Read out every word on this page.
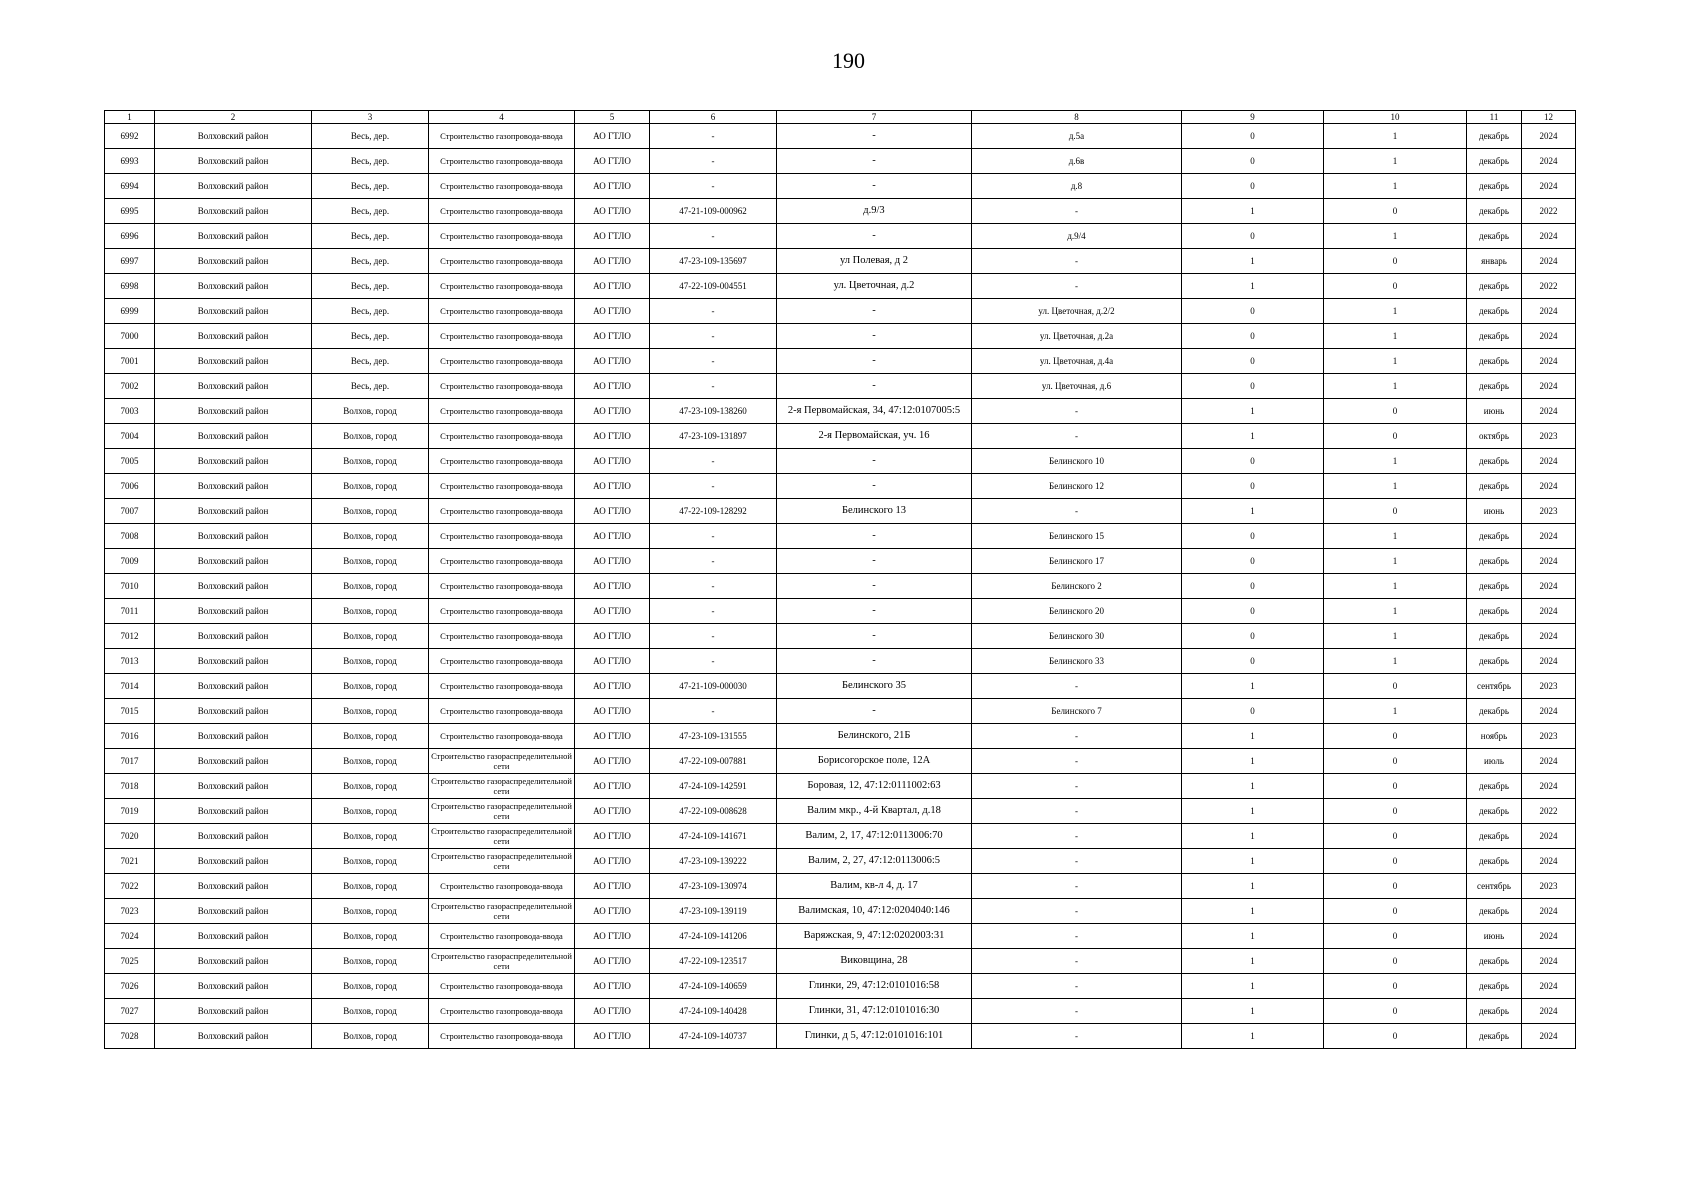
190
1	2	3	4	5	6	7	8	9	10	11	12
6992	Волховский район	Весь, дер.	Строительство газопровода-ввода	АО ГТЛО	-	-	д.5а	0	1	декабрь	2024
6993	Волховский район	Весь, дер.	Строительство газопровода-ввода	АО ГТЛО	-	-	д.6в	0	1	декабрь	2024
6994	Волховский район	Весь, дер.	Строительство газопровода-ввода	АО ГТЛО	-	-	д.8	0	1	декабрь	2024
6995	Волховский район	Весь, дер.	Строительство газопровода-ввода	АО ГТЛО	47-21-109-000962	д.9/3	-	1	0	декабрь	2022
6996	Волховский район	Весь, дер.	Строительство газопровода-ввода	АО ГТЛО	-	-	д.9/4	0	1	декабрь	2024
6997	Волховский район	Весь, дер.	Строительство газопровода-ввода	АО ГТЛО	47-23-109-135697	ул Полевая, д 2	-	1	0	январь	2024
6998	Волховский район	Весь, дер.	Строительство газопровода-ввода	АО ГТЛО	47-22-109-004551	ул. Цветочная, д.2	-	1	0	декабрь	2022
6999	Волховский район	Весь, дер.	Строительство газопровода-ввода	АО ГТЛО	-	-	ул. Цветочная, д.2/2	0	1	декабрь	2024
7000	Волховский район	Весь, дер.	Строительство газопровода-ввода	АО ГТЛО	-	-	ул. Цветочная, д.2а	0	1	декабрь	2024
7001	Волховский район	Весь, дер.	Строительство газопровода-ввода	АО ГТЛО	-	-	ул. Цветочная, д.4а	0	1	декабрь	2024
7002	Волховский район	Весь, дер.	Строительство газопровода-ввода	АО ГТЛО	-	-	ул. Цветочная, д.6	0	1	декабрь	2024
7003	Волховский район	Волхов, город	Строительство газопровода-ввода	АО ГТЛО	47-23-109-138260	2-я Первомайская, 34, 47:12:0107005:5	-	1	0	июнь	2024
7004	Волховский район	Волхов, город	Строительство газопровода-ввода	АО ГТЛО	47-23-109-131897	2-я Первомайская, уч. 16	-	1	0	октябрь	2023
7005	Волховский район	Волхов, город	Строительство газопровода-ввода	АО ГТЛО	-	-	Белинского 10	0	1	декабрь	2024
7006	Волховский район	Волхов, город	Строительство газопровода-ввода	АО ГТЛО	-	-	Белинского 12	0	1	декабрь	2024
7007	Волховский район	Волхов, город	Строительство газопровода-ввода	АО ГТЛО	47-22-109-128292	Белинского 13	-	1	0	июнь	2023
7008	Волховский район	Волхов, город	Строительство газопровода-ввода	АО ГТЛО	-	-	Белинского 15	0	1	декабрь	2024
7009	Волховский район	Волхов, город	Строительство газопровода-ввода	АО ГТЛО	-	-	Белинского 17	0	1	декабрь	2024
7010	Волховский район	Волхов, город	Строительство газопровода-ввода	АО ГТЛО	-	-	Белинского 2	0	1	декабрь	2024
7011	Волховский район	Волхов, город	Строительство газопровода-ввода	АО ГТЛО	-	-	Белинского 20	0	1	декабрь	2024
7012	Волховский район	Волхов, город	Строительство газопровода-ввода	АО ГТЛО	-	-	Белинского 30	0	1	декабрь	2024
7013	Волховский район	Волхов, город	Строительство газопровода-ввода	АО ГТЛО	-	-	Белинского 33	0	1	декабрь	2024
7014	Волховский район	Волхов, город	Строительство газопровода-ввода	АО ГТЛО	47-21-109-000030	Белинского 35	-	1	0	сентябрь	2023
7015	Волховский район	Волхов, город	Строительство газопровода-ввода	АО ГТЛО	-	-	Белинского 7	0	1	декабрь	2024
7016	Волховский район	Волхов, город	Строительство газопровода-ввода	АО ГТЛО	47-23-109-131555	Белинского, 21Б	-	1	0	ноябрь	2023
7017	Волховский район	Волхов, город	Строительство газораспределительной сети	АО ГТЛО	47-22-109-007881	Борисогорское поле, 12А	-	1	0	июль	2024
7018	Волховский район	Волхов, город	Строительство газораспределительной сети	АО ГТЛО	47-24-109-142591	Боровая, 12, 47:12:0111002:63	-	1	0	декабрь	2024
7019	Волховский район	Волхов, город	Строительство газораспределительной сети	АО ГТЛО	47-22-109-008628	Валим мкр., 4-й Квартал, д.18	-	1	0	декабрь	2022
7020	Волховский район	Волхов, город	Строительство газораспределительной сети	АО ГТЛО	47-24-109-141671	Валим, 2, 17, 47:12:0113006:70	-	1	0	декабрь	2024
7021	Волховский район	Волхов, город	Строительство газораспределительной сети	АО ГТЛО	47-23-109-139222	Валим, 2, 27, 47:12:0113006:5	-	1	0	декабрь	2024
7022	Волховский район	Волхов, город	Строительство газопровода-ввода	АО ГТЛО	47-23-109-130974	Валим, кв-л 4, д. 17	-	1	0	сентябрь	2023
7023	Волховский район	Волхов, город	Строительство газораспределительной сети	АО ГТЛО	47-23-109-139119	Валимская, 10, 47:12:0204040:146	-	1	0	декабрь	2024
7024	Волховский район	Волхов, город	Строительство газопровода-ввода	АО ГТЛО	47-24-109-141206	Варяжская, 9, 47:12:0202003:31	-	1	0	июнь	2024
7025	Волховский район	Волхов, город	Строительство газораспределительной сети	АО ГТЛО	47-22-109-123517	Виковщина, 28	-	1	0	декабрь	2024
7026	Волховский район	Волхов, город	Строительство газопровода-ввода	АО ГТЛО	47-24-109-140659	Глинки, 29, 47:12:0101016:58	-	1	0	декабрь	2024
7027	Волховский район	Волхов, город	Строительство газопровода-ввода	АО ГТЛО	47-24-109-140428	Глинки, 31, 47:12:0101016:30	-	1	0	декабрь	2024
7028	Волховский район	Волхов, город	Строительство газопровода-ввода	АО ГТЛО	47-24-109-140737	Глинки, д 5, 47:12:0101016:101	-	1	0	декабрь	2024
